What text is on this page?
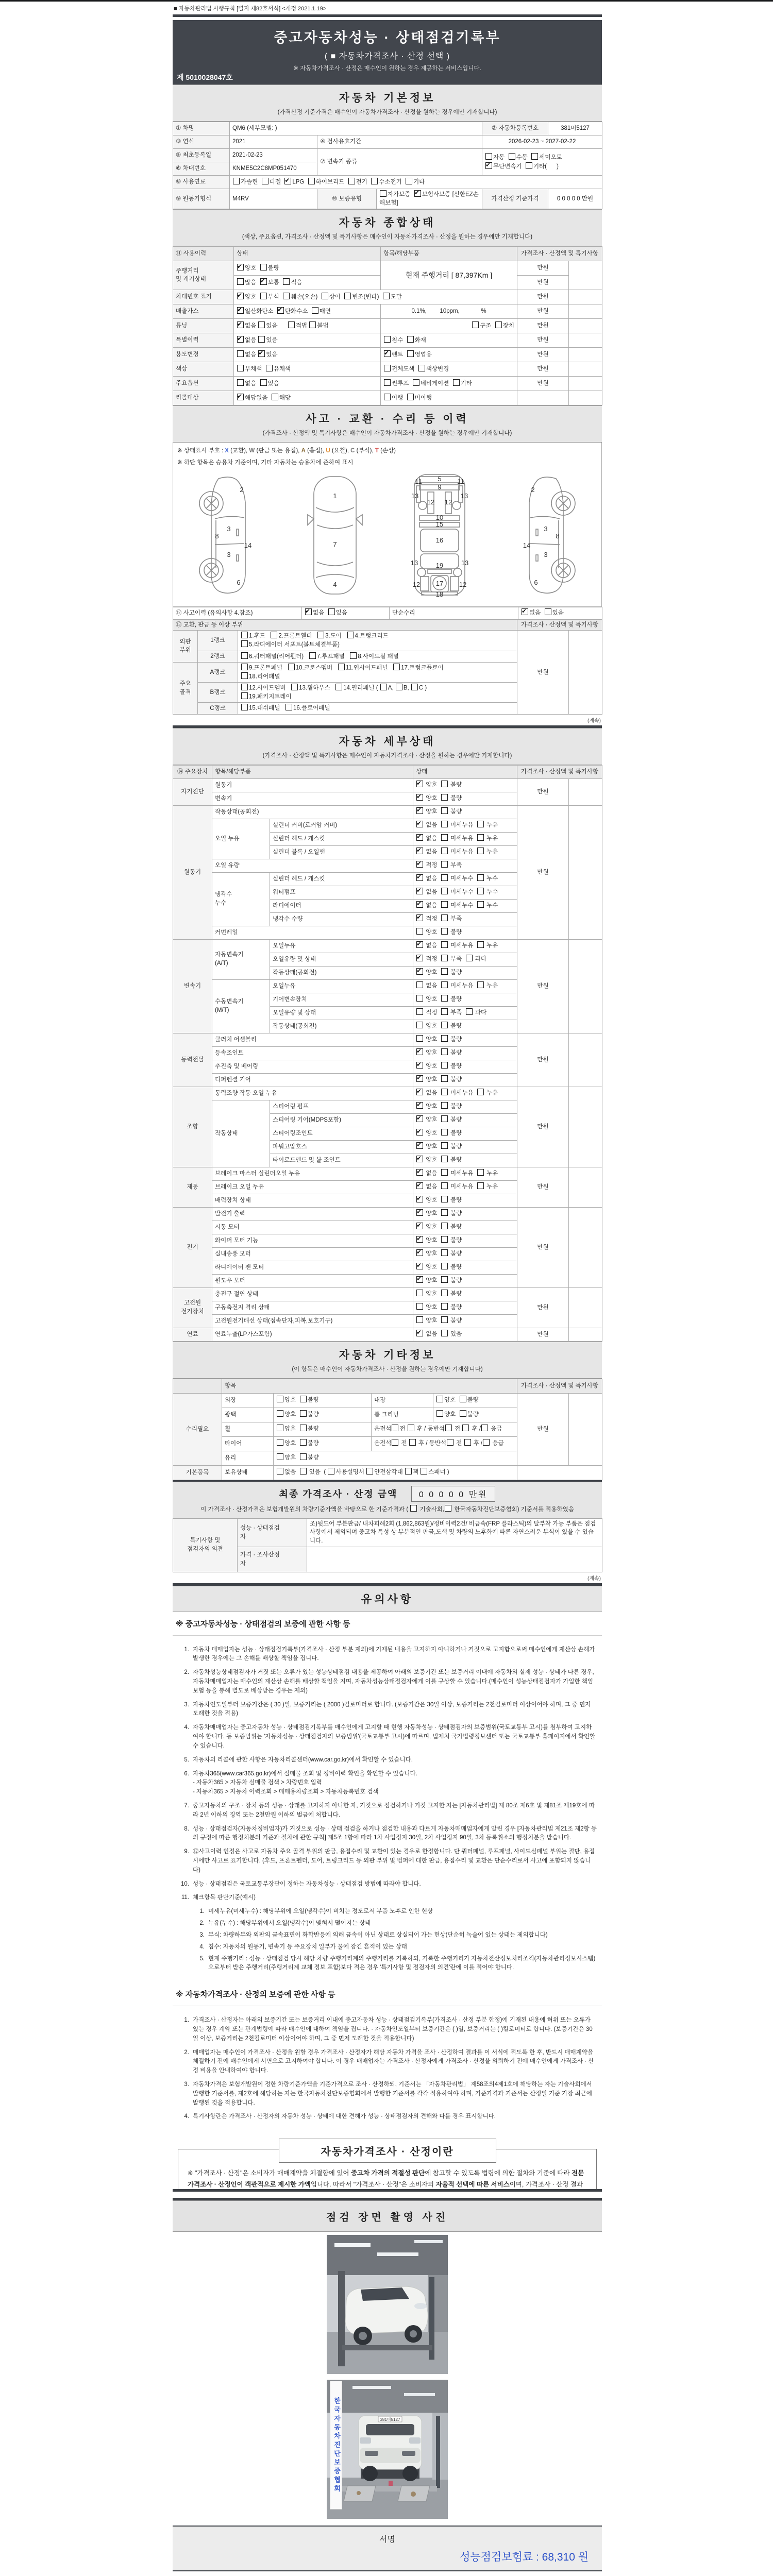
■ 자동차관리법 시행규칙 [별지 제82호서식] <개정 2021.1.19>
중고자동차성능 · 상태점검기록부
( ■ 자동차가격조사 · 산정 선택 )
※ 자동차가격조사 · 산정은 매수인이 원하는 경우 제공하는 서비스입니다.
제 5010028047호
자동차 기본정보
(가격산정 기준가격은 매수인이 자동차가격조사 · 산정을 원하는 경우에만 기재합니다)
① 차명	QM6 (세부모델: )			② 자동차등록번호	381머5127
③ 연식	2021	④ 검사유효기간		2026-02-23 ~ 2027-02-22	
⑤ 최초등록일	2021-02-23	⑦ 변속기 종류		자동  수동  세미오토
✔무단변속기  기타(      )
⑥ 차대번호	KNME5C2C8MP051470				
⑧ 사용연료	가솔린  디젤   ✔LPG  하이브리드  전기  수소전기  기타
⑨ 원동기형식	M4RV	⑩ 보증유형	자가보증   ✔보험사보증 [신한EZ손해보험]	가격산정 기준가격	0 0 0 0 0 만원
자동차 종합상태
(색상, 주요옵션, 가격조사 · 산정액 및 특기사항은 매수인이 자동차가격조사 · 산정을 원하는 경우에만 기재합니다)
⑪ 사용이력	상태	항목/해당부품	가격조사 · 산정액 및 특기사항	
주행거리
및 계기상태	✔양호  불량	현재 주행거리 [ 87,397Km ]	만원	
	많음   ✔보통  적음		만원	
차대번호 표기	✔양호  부식  훼손(오손)  상이  변조(변타)  도말		만원	
배출가스	✔일산화탄소   ✔탄화수소  매연	0.1%,        10ppm,             %	만원	
튜닝	✔없음 있음      적법 불법	구조  장치	만원	
특별이력	✔없음 있음	침수  화재	만원	
용도변경	없음  ✔있음	✔렌트  영업용	만원	
색상	무채색  유채색	전체도색  색상변경	만원	
주요옵션	없음  있음	썬루프  네비게이션  기타	만원	
리콜대상	✔해당없음  해당	이행  미이행		
사고 · 교환 · 수리 등 이력
(가격조사 · 산정액 및 특기사항은 매수인이 자동차가격조사 · 산정을 원하는 경우에만 기재합니다)
※ 상태표시 부호 : X (교환), W (판금 또는 용접), A (흠집), U (요철), C (부식), T (손상)
※ 하단 항목은 승용차 기준이며, 기타 자동차는 승용차에 준하여 표시
2
8
3
3
14
6
1
7
4
5
9
11	11
13	13
12 12
10
15
16
13	13
19
12	12
17
18
2
8
3
3
14
6
⑫ 사고이력 (유의사항 4.참조)	✔없음  있음	단순수리	✔없음  있음
⑬ 교환, 판금 등 이상 부위			가격조사 · 산정액 및 특기사항	
외판
부위	1랭크	1.후드   2.프론트휀더   3.도어   4.트렁크리드
5.라디에이터 서포트(볼트체결부품)	만원	
	2랭크	6.쿼터패널(리어휀더)   7.루프패널   8.사이드실 패널		
주요
골격	A랭크	9.프론트패널   10.크로스멤버   11.인사이드패널   17.트렁크플로어
18.리어패널		
	B랭크	12.사이드멤버   13.휠하우스   14.필러패널 ( A, B, C )
19.패키지트레이		
	C랭크	15.대쉬패널   16.플로어패널		
(계속)
자동차 세부상태
(가격조사 · 산정액 및 특기사항은 매수인이 자동차가격조사 · 산정을 원하는 경우에만 기재합니다)
⑭ 주요장치	항목/해당부품		상태	가격조사 · 산정액 및 특기사항	
자기진단	원동기	✔ 양호   불량	만원	
	변속기	✔ 양호   불량
원동기	작동상태(공회전)	✔ 양호   불량	만원	
	오일 누유	실린더 커버(로커암 커버)	✔ 없음   미세누유   누유
		실린더 헤드 / 개스킷	✔ 없음   미세누유   누유
		실린더 블록 / 오일팬	✔ 없음   미세누유   누유
	오일 유량	✔ 적정   부족
	냉각수
누수	실린더 헤드 / 개스킷	✔ 없음   미세누수   누수
		워터펌프	✔ 없음   미세누수   누수
		라디에이터	✔ 없음   미세누수   누수
		냉각수 수량	✔ 적정   부족
	커먼레일		양호   불량		
변속기	자동변속기
(A/T)	오일누유	✔ 없음   미세누유   누유	만원	
		오일유량 및 상태	✔ 적정   부족   과다
		작동상태(공회전)	✔ 양호   불량
	수동변속기
(M/T)	오일누유	없음   미세누유   누유		
		기어변속장치	양호   불량		
		오일유량 및 상태	적정   부족   과다		
		작동상태(공회전)	양호   불량		
동력전달	클러치 어셈블리		양호   불량	만원	
	등속조인트	✔ 양호   불량
	추진축 및 베어링	✔ 양호   불량
	디퍼렌셜 기어	✔ 양호   불량
조향	동력조향 작동 오일 누유	✔ 없음   미세누유   누유	만원	
	작동상태	스티어링 펌프	✔ 양호   불량
		스티어링 기어(MDPS포함)	✔ 양호   불량
		스티어링조인트	✔ 양호   불량
		파워고압호스	✔ 양호   불량
		타이로드엔드 및 볼 조인트	✔ 양호   불량
제동	브레이크 마스터 실린더오일 누유	✔ 없음   미세누유   누유	만원	
	브레이크 오일 누유	✔ 없음   미세누유   누유
	배력장치 상태	✔ 양호   불량
전기	발전기 출력	✔ 양호   불량	만원	
	시동 모터	✔ 양호   불량
	와이퍼 모터 기능	✔ 양호   불량
	실내송풍 모터	✔ 양호   불량
	라디에이터 팬 모터	✔ 양호   불량
	윈도우 모터	✔ 양호   불량
고전원
전기장치	충전구 절연 상태		양호   불량	만원	
	구동축전지 격리 상태		양호   불량		
	고전원전기배선 상태(접속단자,피복,보호기구)		양호   불량		
연료	연료누출(LP가스포함)	✔ 없음   있음	만원	
자동차 기타정보
(이 항목은 매수인이 자동차가격조사 · 산정을 원하는 경우에만 기재합니다)
	항목				가격조사 · 산정액 및 특기사항	
수리필요	외장	양호  불량	내장	양호  불량	만원	
	광택	양호  불량	룸 크리닝	양호  불량		
	휠	양호  불량	운전석 전  후 / 동반석 전  후 / 응급			
	타이어	양호  불량	운전석 전  후 / 동반석 전  후 / 응급			
	유리	양호  불량				
기본품목	보유상태	없음   있음  ( 사용설명서 안전삼각대 잭 스패너 )				
최종 가격조사 · 산정 금액	0 0 0 0 0 만원
이 가격조사 · 산정가격은 보험개발원의 차량기준가액을 바탕으로 한 기준가격과 (  기술사회, 한국자동차진단보증협회) 기준서를 적용하였음
특기사항 및
점검자의 의견	성능 · 상태점검
자	조)뒷도어 부분판금/ 내차피해2회 (1,862,863원)/정비이력2건/ 비금속(FRP 플라스틱)의 탈부착 가능 부품은 점검사항에서 제외되며 중고차 특성 상 부분적인 판금,도색 및 차량의 노후화에 따른 자연스러운 부식이 있을 수 있습니다.
	가격 · 조사산정
자	
(계속)
유의사항
※ 중고자동차성능 · 상태점검의 보증에 관한 사항 등
1. 자동차 매매업자는 성능 · 상태점검기록부(가격조사 · 산정 부분 제외)에 기재된 내용을 고지하지 아니하거나 거짓으로 고지함으로써 매수인에게 재산상 손해가 발생한 경우에는 그 손해를 배상할 책임을 집니다.
2. 자동차성능상태점검자가 거짓 또는 오류가 있는 성능상태점검 내용을 제공하여 아래의 보증기간 또는 보증거리 이내에 자동차의 실제 성능 · 상태가 다른 경우, 자동차매매업자는 매수인의 재산상 손해를 배상할 책임을 지며, 자동차성능상태점검자에게 이를 구상할 수 있습니다.(매수인이 성능상태점검자가 가입한 책임보험 등을 통해 별도로 배상받는 경우는 제외)
3. 자동차인도일부터 보증기간은 ( 30 )일, 보증거리는 ( 2000 )킬로미터로 합니다. (보증기간은 30일 이상, 보증거리는 2천킬로미터 이상이어야 하며, 그 중 먼저 도래한 것을 적용)
4. 자동차매매업자는 중고자동차 성능 · 상태점검기록부를 매수인에게 고지할 때 현행 자동차성능 · 상태점검자의 보증범위(국토교통부 고시)를 첨부하여 고지하여야 합니다. 동 보증범위는 '자동차성능 · 상태점검자의 보증범위'(국토교통부 고시)에 따르며, 법제처 국가법령정보센터 또는 국토교통부 홈페이지에서 확인할 수 있습니다.
5. 자동차의 리콜에 관한 사항은 자동차리콜센터(www.car.go.kr)에서 확인할 수 있습니다.
6. 자동차365(www.car365.go.kr)에서 실매물 조회 및 정비이력 확인을 확인할 수 있습니다.
- 자동차365 > 자동차 실매물 검색 > 차량번호 입력
- 자동차365 > 자동차 이력조회 > 매매용차량조회 > 자동차등록번호 검색
7. 중고자동차의 구조 · 장치 등의 성능 · 상태를 고지하지 아니한 자, 거짓으로 점검하거나 거짓 고지한 자는 [자동차관리법] 제 80조 제6호 및 제81조 제19호에 따라 2년 이하의 징역 또는 2천만원 이하의 벌금에 처합니다.
8. 성능 · 상태점검자(자동차정비업자)가 거짓으로 성능 · 상태 점검을 하거나 점검한 내용과 다르게 자동차매매업자에게 알린 경우 [자동차관리법 제21조 제2항 등의 규정에 따른 행정처분의 기준과 절차에 관한 규칙] 제5조 1항에 따라 1차 사업정지 30일, 2차 사업정지 90일, 3차 등록취소의 행정처분을 받습니다.
9. ⑫사고이력 인정은 사고로 자동차 주요 골격 부위의 판금, 용접수리 및 교환이 있는 경우로 한정합니다. 단 쿼터패널, 루프패널, 사이드실패널 부위는 절단, 용접 시에만 사고로 표기합니다. (후드, 프론트펜더, 도어, 트렁크리드 등 외판 부위 및 범퍼에 대한 판금, 용접수리 및 교환은 단순수리로서 사고에 포함되지 않습니다)
10. 성능 · 상태점검은 국토교통부장관이 정하는 자동차성능 · 상태점검 방법에 따라야 합니다.
11. 체크항목 판단기준(예시)
1. 미세누유(미세누수) : 해당부위에 오일(냉각수)이 비치는 정도로서 부품 노후로 인한 현상
2. 누유(누수) : 해당부위에서 오일(냉각수)이 맺혀서 떨어지는 상태
3. 부식: 차량하부와 외판의 금속표면이 화학반응에 의해 금속이 아닌 상태로 상실되어 가는 현상(단순히 녹슬어 있는 상태는 제외합니다)
4. 침수: 자동차의 원동기, 변속기 등 주요장치 일부가 물에 잠긴 흔적이 있는 상태
5. 현재 주행거리 : 성능 · 상태점검 당시 해당 차량 주행거리계의 주행거리를 기록하되, 기록한 주행거리가 자동차전산정보처리조직(자동차관리정보시스템)으로부터 받은 주행거리(주행거리계 교체 정보 포함)보다 적은 경우 '특기사항 및 점검자의 의견'란에 이를 적어야 합니다.
※ 자동차가격조사 · 산정의 보증에 관한 사항 등
1. 가격조사 · 산정자는 아래의 보증기간 또는 보증거리 이내에 중고자동차 성능 · 상태점검기록부(가격조사 · 산정 부분 한정)에 기재된 내용에 허위 또는 오류가 있는 경우 계약 또는 관계법령에 따라 매수인에 대하여 책임을 집니다. · 자동차인도일부터 보증기간은 ( )일, 보증거리는 ( )킬로미터로 합니다. (보증기간은 30일 이상, 보증거리는 2천킬로미터 이상이어야 하며, 그 중 먼저 도래한 것을 적용합니다)
2. 매매업자는 매수인이 가격조사 · 산정을 원할 경우 가격조사 · 산정자가 해당 자동차 가격을 조사 · 산정하여 결과를 이 서식에 적도록 한 후, 반드시 매매계약을 체결하기 전에 매수인에게 서면으로 고지하여야 합니다. 이 경우 매매업자는 가격조사 · 산정자에게 가격조사 · 산정을 의뢰하기 전에 매수인에게 가격조사 · 산정 비용을 안내하여야 합니다.
3. 자동차가격은 보험개발원이 정한 차량기준가액을 기준가격으로 조사 · 산정하되, 기준서는 「자동차관리법」 제58조의4제1호에 해당하는 자는 기술사회에서 발행한 기준서를, 제2호에 해당하는 자는 한국자동차진단보증협회에서 발행한 기준서를 각각 적용하여야 하며, 기준가격과 기준서는 산정일 기준 가장 최근에 발행된 것을 적용합니다.
4. 특기사항란은 가격조사 · 산정자의 자동차 성능 · 상태에 대한 견해가 성능 · 상태점검자의 견해와 다를 경우 표시합니다.
자동차가격조사 · 산정이란
※ "가격조사 · 산정"은 소비자가 매매계약을 체결함에 있어 중고차 가격의 적절성 판단에 참고할 수 있도록 법령에 의한 절차와 기준에 따라 전문 가격조사 · 산정인이 객관적으로 제시한 가액입니다. 따라서 "가격조사 · 산정"은 소비자의 자율적 선택에 따른 서비스이며, 가격조사 · 산정 결과
점검 장면 촬영 사진
381머5127
한국자동차진단보증협회
서명
성능점검보험료 : 68,310 원
